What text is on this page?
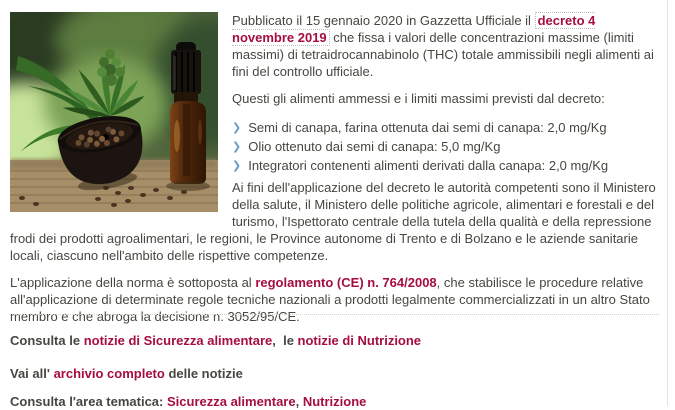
Pubblicato il 15 gennaio 2020 in Gazzetta Ufficiale il decreto 4 novembre 2019 che fissa i valori delle concentrazioni massime (limiti massimi) di tetraidrocannabinolo (THC) totale ammissibili negli alimenti ai fini del controllo ufficiale.

Questi gli alimenti ammessi e i limiti massimi previsti dal decreto:

❯ Semi di canapa, farina ottenuta dai semi di canapa: 2,0 mg/Kg
❯ Olio ottenuto dai semi di canapa: 5,0 mg/Kg
❯ Integratori contenenti alimenti derivati dalla canapa: 2,0 mg/Kg

Ai fini dell'applicazione del decreto le autorità competenti sono il Ministero della salute, il Ministero delle politiche agricole, alimentari e forestali e del turismo, l'Ispettorato centrale della tutela della qualità e della repressione frodi dei prodotti agroalimentari, le regioni, le Province autonome di Trento e di Bolzano e le aziende sanitarie locali, ciascuno nell'ambito delle rispettive competenze.

L'applicazione della norma è sottoposta al regolamento (CE) n. 764/2008, che stabilisce le procedure relative all'applicazione di determinate regole tecniche nazionali a prodotti legalmente commercializzati in un altro Stato membro e che abroga la decisione n. 3052/95/CE.

Consulta le notizie di Sicurezza alimentare,  le notizie di Nutrizione

Vai all' archivio completo delle notizie

Consulta l'area tematica: Sicurezza alimentare, Nutrizione
